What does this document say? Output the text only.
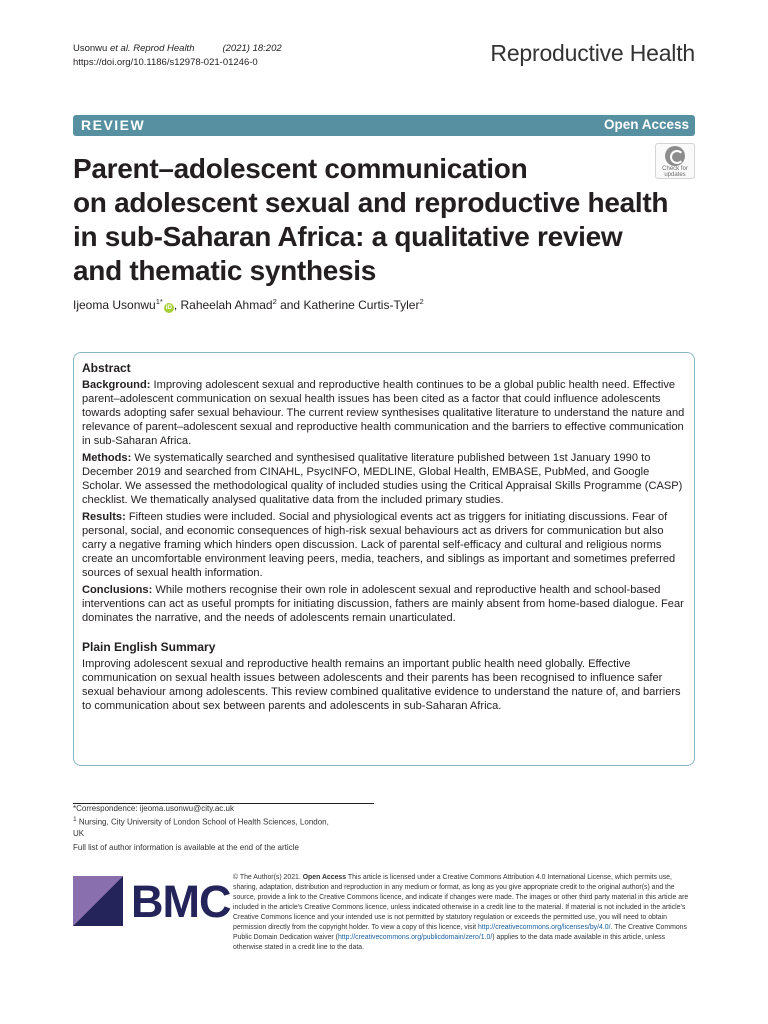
Usonwu et al. Reprod Health	(2021) 18:202
https://doi.org/10.1186/s12978-021-01246-0	Reproductive Health
REVIEW	Open Access
Parent–adolescent communication
on adolescent sexual and reproductive health
in sub-Saharan Africa: a qualitative review
and thematic synthesis
Check for
updates
Ijeoma Usonwu$^{1*}$iD , Raheelah Ahmad$^2$ and Katherine Curtis-Tyler$^2$
Abstract

Background: Improving adolescent sexual and reproductive health continues to be a global public health need. Effective parent–adolescent communication on sexual health issues has been cited as a factor that could influence adolescents towards adopting safer sexual behaviour. The current review synthesises qualitative literature to understand the nature and relevance of parent–adolescent sexual and reproductive health communication and the barriers to effective communication in sub-Saharan Africa.

Methods: We systematically searched and synthesised qualitative literature published between 1st January 1990 to December 2019 and searched from CINAHL, PsycINFO, MEDLINE, Global Health, EMBASE, PubMed, and Google Scholar. We assessed the methodological quality of included studies using the Critical Appraisal Skills Programme (CASP) checklist. We thematically analysed qualitative data from the included primary studies.

Results: Fifteen studies were included. Social and physiological events act as triggers for initiating discussions. Fear of personal, social, and economic consequences of high-risk sexual behaviours act as drivers for communication but also carry a negative framing which hinders open discussion. Lack of parental self-efficacy and cultural and religious norms create an uncomfortable environment leaving peers, media, teachers, and siblings as important and sometimes preferred sources of sexual health information.

Conclusions: While mothers recognise their own role in adolescent sexual and reproductive health and school-based interventions can act as useful prompts for initiating discussion, fathers are mainly absent from home-based dialogue. Fear dominates the narrative, and the needs of adolescents remain unarticulated.

Plain English Summary

Improving adolescent sexual and reproductive health remains an important public health need globally. Effective communication on sexual health issues between adolescents and their parents has been recognised to influence safer sexual behaviour among adolescents. This review combined qualitative evidence to understand the nature of, and barriers to communication about sex between parents and adolescents in sub-Saharan Africa.

*Correspondence: ijeoma.usonwu@city.ac.uk
$^1$ Nursing, City University of London School of Health Sciences, London,
UK
Full list of author information is available at the end of the article
BMC © The Author(s) 2021. Open Access This article is licensed under a Creative Commons Attribution 4.0 International License, which permits use, sharing, adaptation, distribution and reproduction in any medium or format, as long as you give appropriate credit to the original author(s) and the source, provide a link to the Creative Commons licence, and indicate if changes were made. The images or other third party material in this article are included in the article's Creative Commons licence, unless indicated otherwise in a credit line to the material. If material is not included in the article's Creative Commons licence and your intended use is not permitted by statutory regulation or exceeds the permitted use, you will need to obtain permission directly from the copyright holder. To view a copy of this licence, visit http://creativecommons.org/licenses/by/4.0/. The Creative Commons Public Domain Dedication waiver (http://creativecommons.org/publicdomain/zero/1.0/) applies to the data made available in this article, unless otherwise stated in a credit line to the data.
